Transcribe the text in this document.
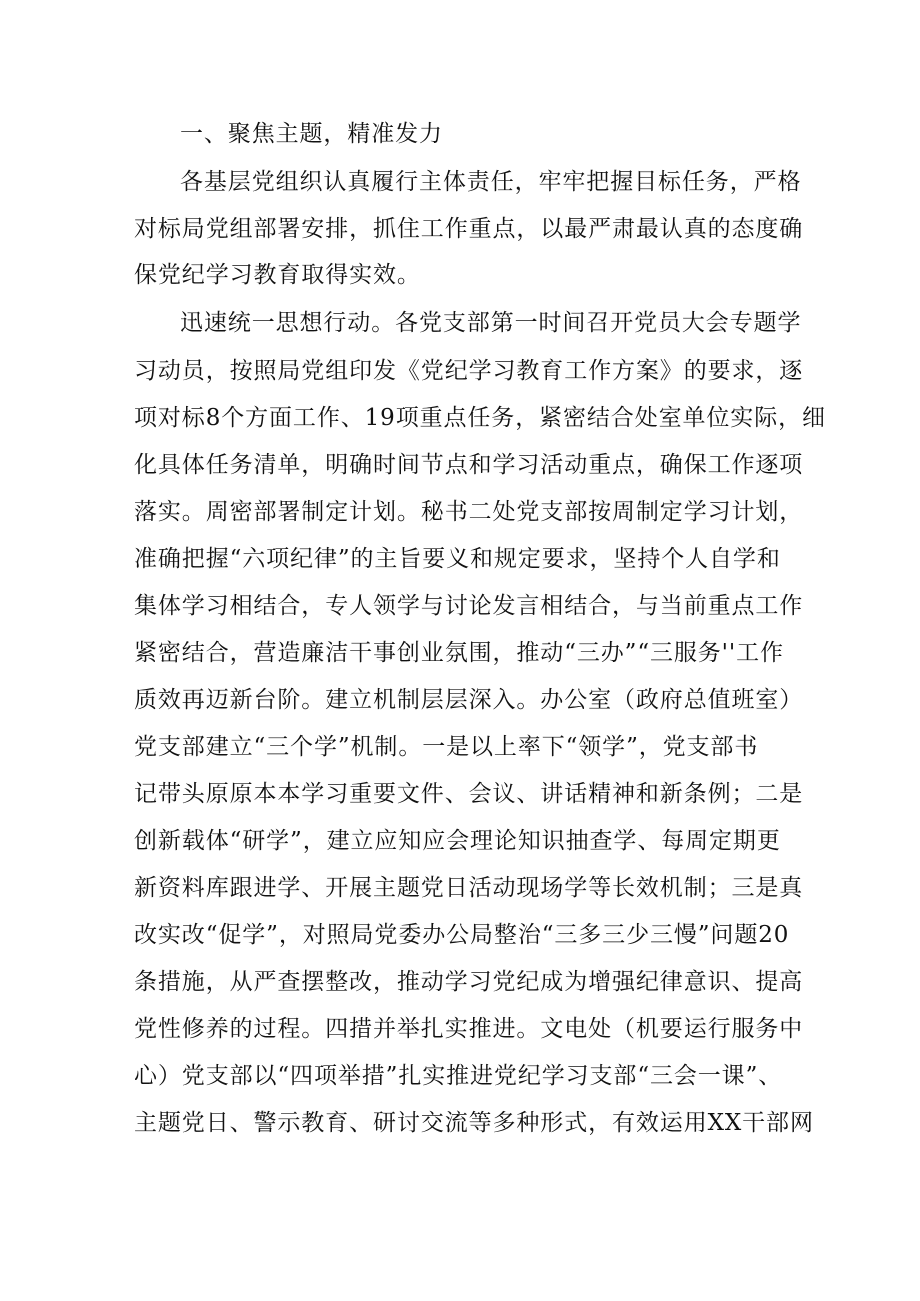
一、聚焦主题，精准发力
各基层党组织认真履行主体责任，牢牢把握目标任务，严格
对标局党组部署安排，抓住工作重点，以最严肃最认真的态度确
保党纪学习教育取得实效。
迅速统一思想行动。各党支部第一时间召开党员大会专题学
习动员，按照局党组印发《党纪学习教育工作方案》的要求，逐
项对标8个方面工作、19项重点任务，紧密结合处室单位实际，细
化具体任务清单，明确时间节点和学习活动重点，确保工作逐项
落实。周密部署制定计划。秘书二处党支部按周制定学习计划，
准确把握“六项纪律”的主旨要义和规定要求，坚持个人自学和
集体学习相结合，专人领学与讨论发言相结合，与当前重点工作
紧密结合，营造廉洁干事创业氛围，推动“三办”“三服务''工作
质效再迈新台阶。建立机制层层深入。办公室（政府总值班室）
党支部建立“三个学”机制。一是以上率下“领学”，党支部书
记带头原原本本学习重要文件、会议、讲话精神和新条例；二是
创新载体“研学”，建立应知应会理论知识抽查学、每周定期更
新资料库跟进学、开展主题党日活动现场学等长效机制；三是真
改实改“促学”，对照局党委办公局整治“三多三少三慢”问题20
条措施，从严查摆整改，推动学习党纪成为增强纪律意识、提高
党性修养的过程。四措并举扎实推进。文电处（机要运行服务中
心）党支部以“四项举措”扎实推进党纪学习支部“三会一课”、
主题党日、警示教育、研讨交流等多种形式，有效运用XX干部网
